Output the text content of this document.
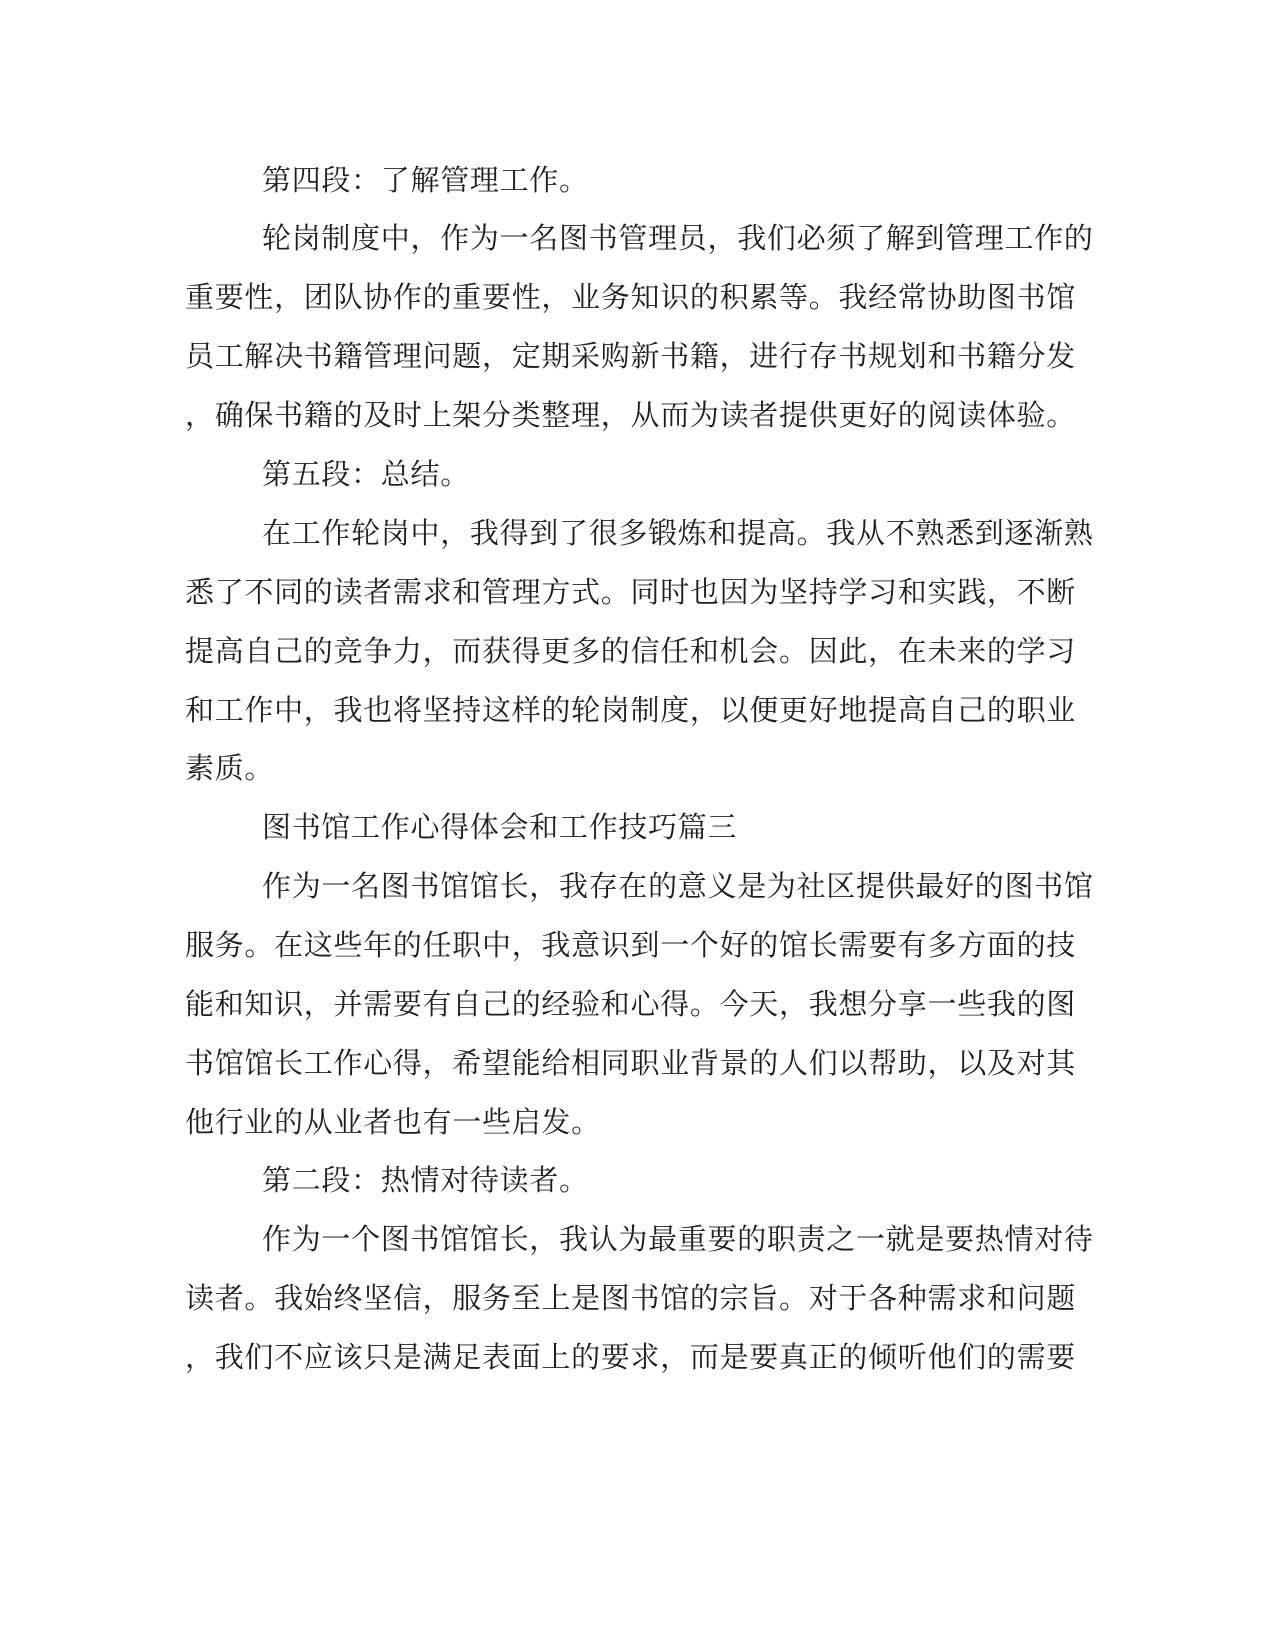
第四段：了解管理工作。
轮岗制度中，作为一名图书管理员，我们必须了解到管理工作的
重要性，团队协作的重要性，业务知识的积累等。我经常协助图书馆
员工解决书籍管理问题，定期采购新书籍，进行存书规划和书籍分发
，确保书籍的及时上架分类整理，从而为读者提供更好的阅读体验。
第五段：总结。
在工作轮岗中，我得到了很多锻炼和提高。我从不熟悉到逐渐熟
悉了不同的读者需求和管理方式。同时也因为坚持学习和实践，不断
提高自己的竞争力，而获得更多的信任和机会。因此，在未来的学习
和工作中，我也将坚持这样的轮岗制度，以便更好地提高自己的职业
素质。
图书馆工作心得体会和工作技巧篇三
作为一名图书馆馆长，我存在的意义是为社区提供最好的图书馆
服务。在这些年的任职中，我意识到一个好的馆长需要有多方面的技
能和知识，并需要有自己的经验和心得。今天，我想分享一些我的图
书馆馆长工作心得，希望能给相同职业背景的人们以帮助，以及对其
他行业的从业者也有一些启发。
第二段：热情对待读者。
作为一个图书馆馆长，我认为最重要的职责之一就是要热情对待
读者。我始终坚信，服务至上是图书馆的宗旨。对于各种需求和问题
，我们不应该只是满足表面上的要求，而是要真正的倾听他们的需要
